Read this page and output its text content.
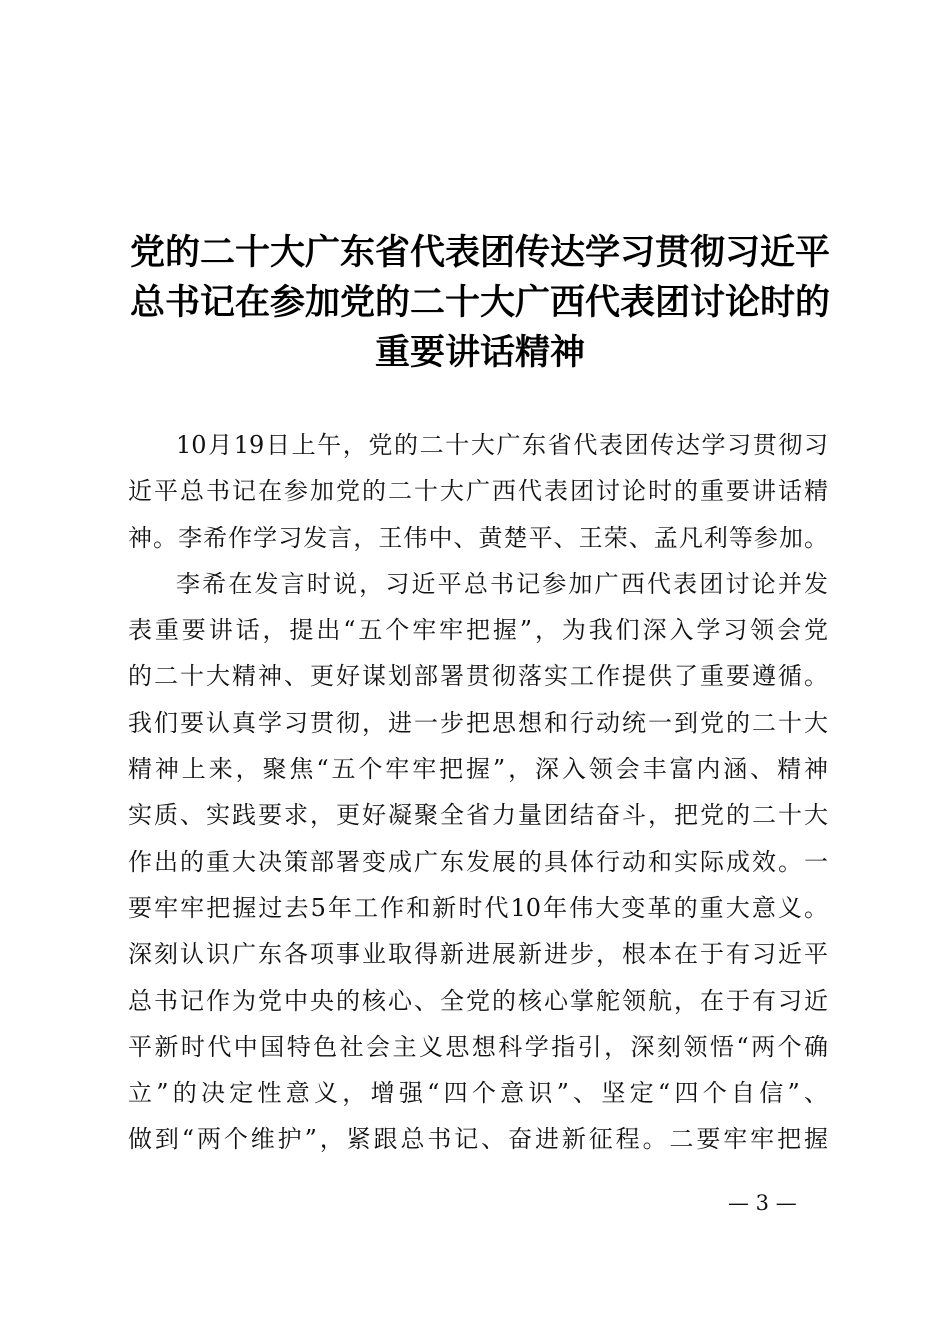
党的二十大广东省代表团传达学习贯彻习近平
总书记在参加党的二十大广西代表团讨论时的
重要讲话精神
10月19日上午，党的二十大广东省代表团传达学习贯彻习
近平总书记在参加党的二十大广西代表团讨论时的重要讲话精
神。李希作学习发言，王伟中、黄楚平、王荣、孟凡利等参加。
李希在发言时说，习近平总书记参加广西代表团讨论并发
表重要讲话，提出“五个牢牢把握”，为我们深入学习领会党
的二十大精神、更好谋划部署贯彻落实工作提供了重要遵循。
我们要认真学习贯彻，进一步把思想和行动统一到党的二十大
精神上来，聚焦“五个牢牢把握”，深入领会丰富内涵、精神
实质、实践要求，更好凝聚全省力量团结奋斗，把党的二十大
作出的重大决策部署变成广东发展的具体行动和实际成效。一
要牢牢把握过去5年工作和新时代10年伟大变革的重大意义。
深刻认识广东各项事业取得新进展新进步，根本在于有习近平
总书记作为党中央的核心、全党的核心掌舵领航，在于有习近
平新时代中国特色社会主义思想科学指引，深刻领悟“两个确
立”的决定性意义，增强“四个意识”、坚定“四个自信”、
做到“两个维护”，紧跟总书记、奋进新征程。二要牢牢把握
— 3 —
